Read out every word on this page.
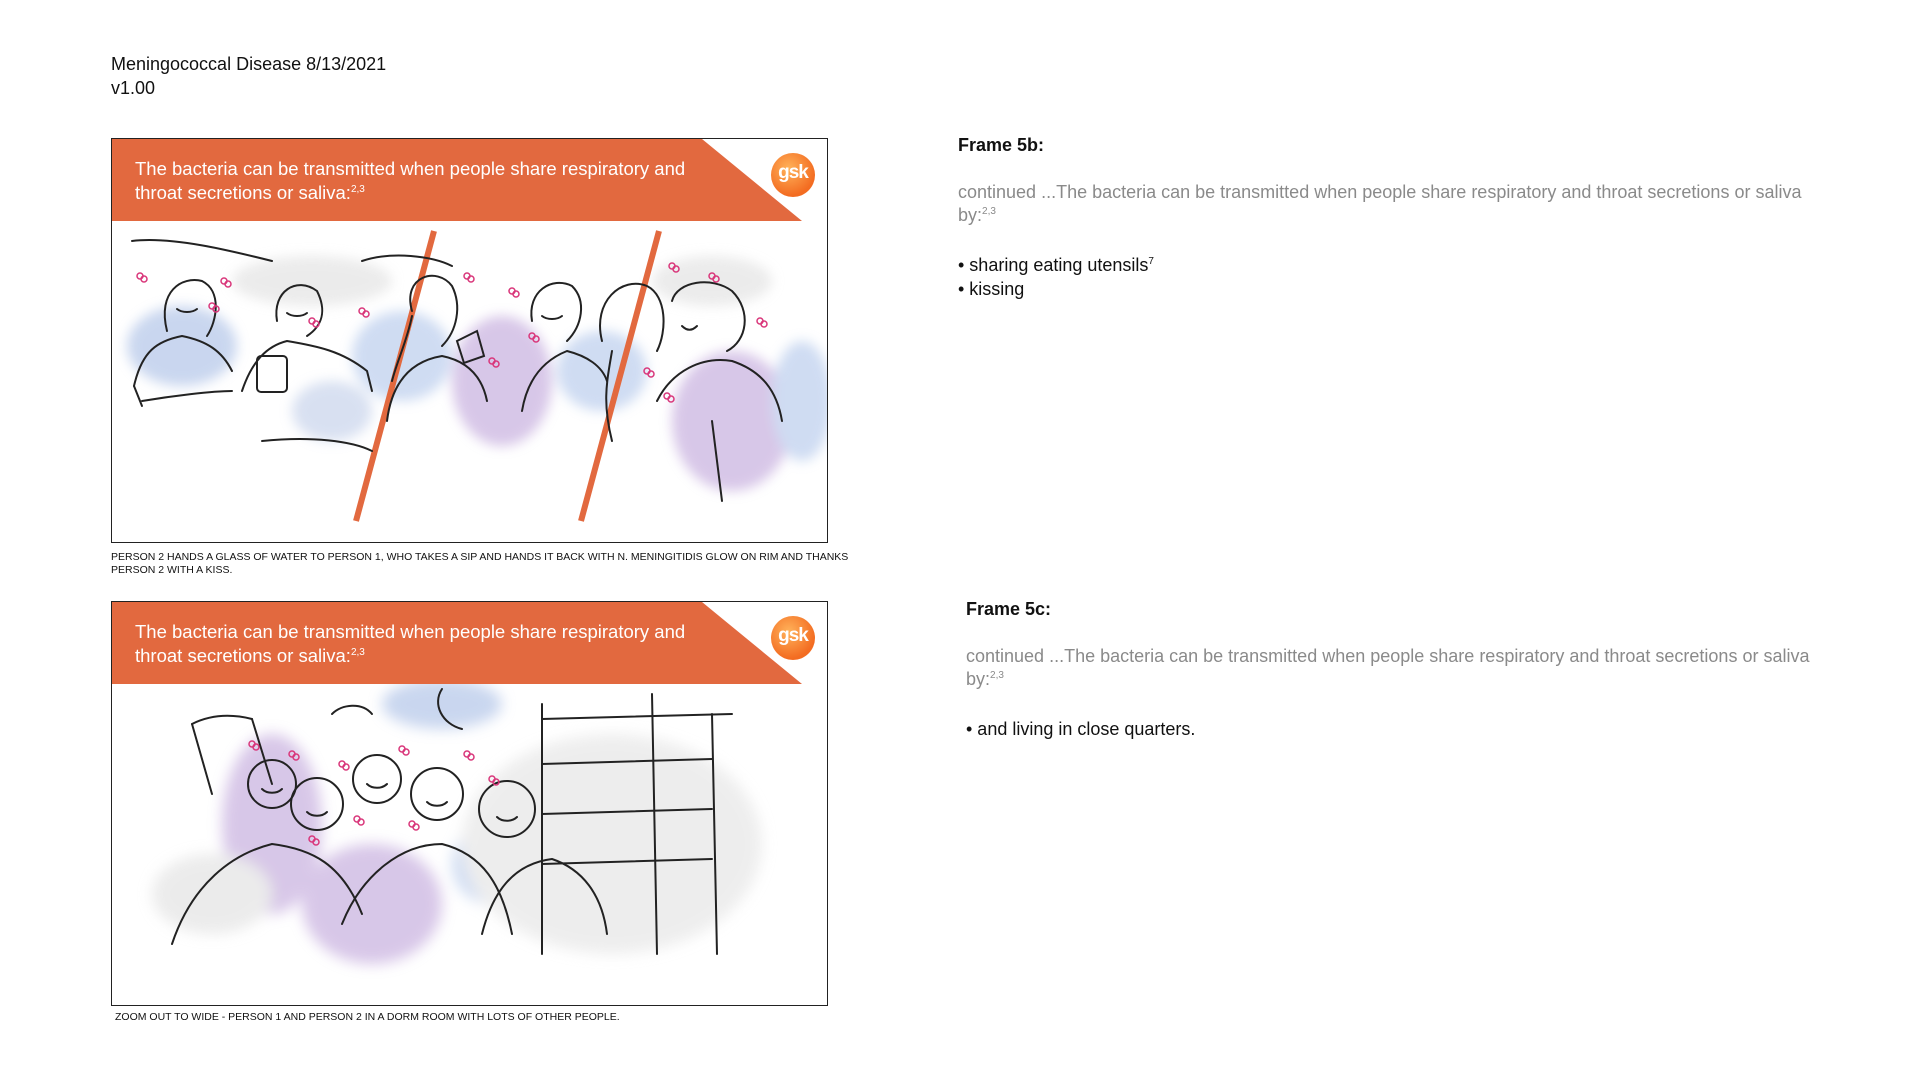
Meningococcal Disease 8/13/2021
v1.00
The bacteria can be transmitted when people share respiratory and throat secretions or saliva:$^{2,3}$
gsk
PERSON 2 HANDS A GLASS OF WATER TO PERSON 1, WHO TAKES A SIP AND HANDS IT BACK WITH N. MENINGITIDIS GLOW ON RIM AND THANKS PERSON 2 WITH A KISS.
The bacteria can be transmitted when people share respiratory and throat secretions or saliva:$^{2,3}$
gsk
ZOOM OUT TO WIDE - PERSON 1 AND PERSON 2 IN A DORM ROOM WITH LOTS OF OTHER PEOPLE.
Frame 5b:
continued ...The bacteria can be transmitted when people share respiratory and throat secretions or saliva by:$^{2,3}$
• sharing eating utensils$^7$
• kissing
Frame 5c:
continued ...The bacteria can be transmitted when people share respiratory and throat secretions or saliva by:$^{2,3}$
• and living in close quarters.
